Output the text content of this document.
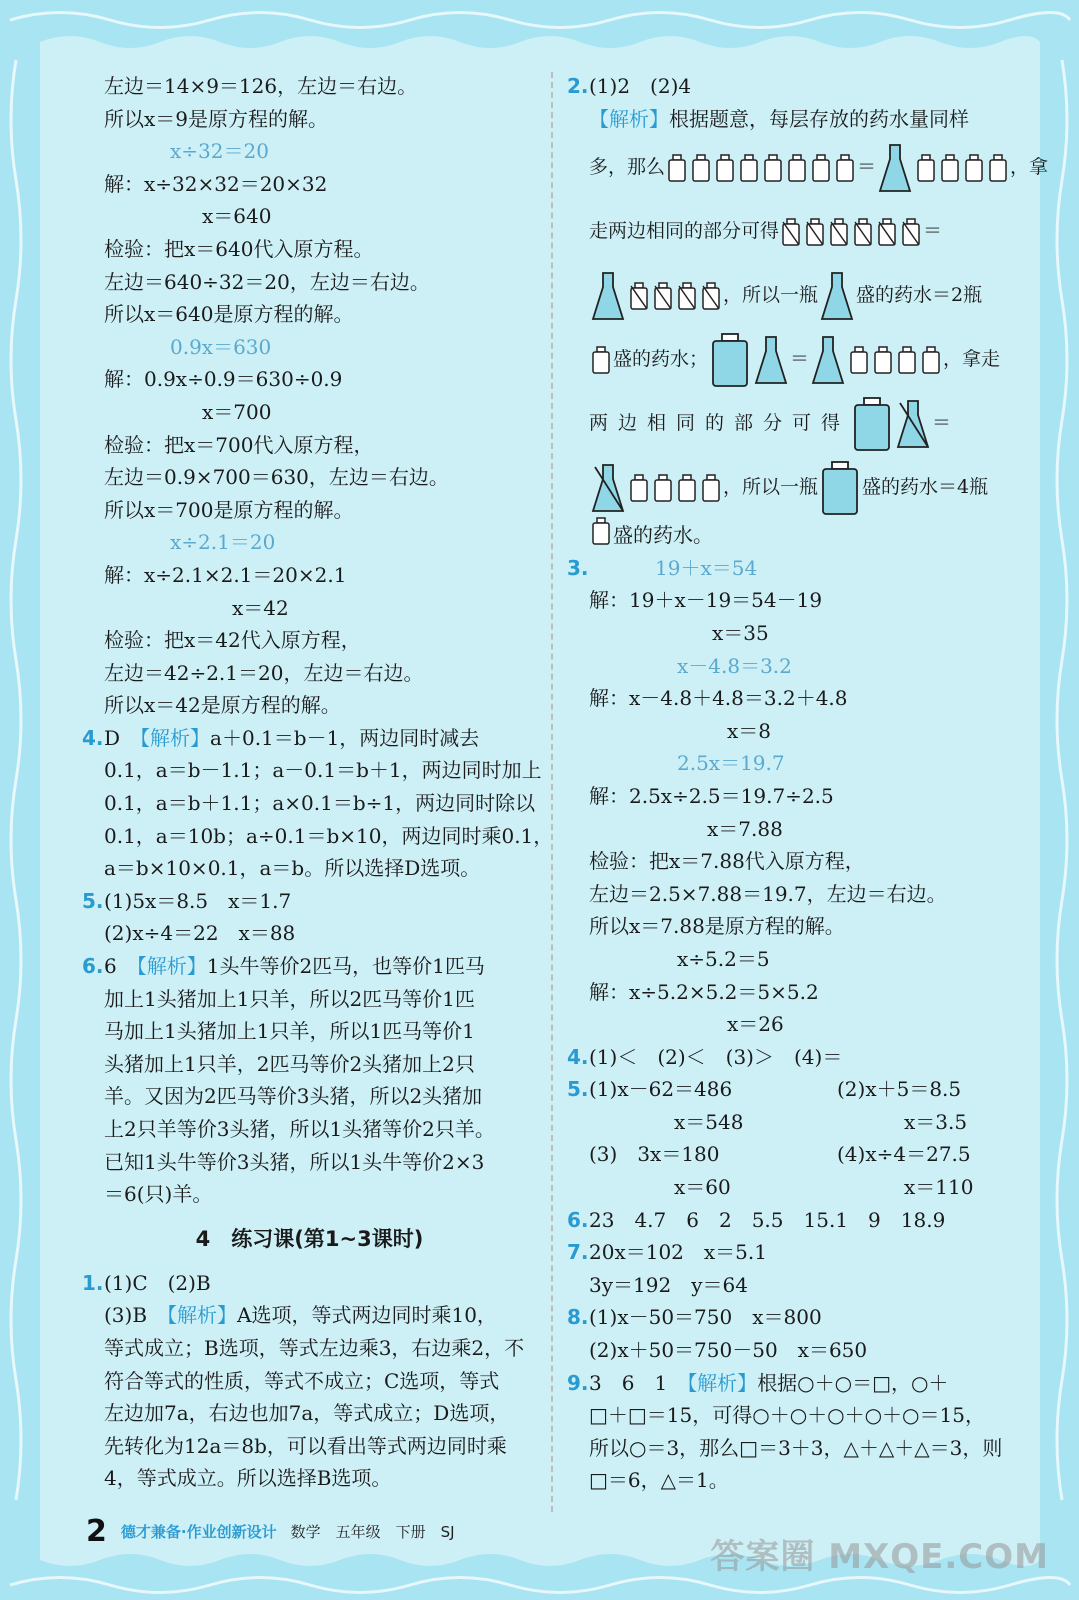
左边＝14×9＝126，左边＝右边。
所以x＝9是原方程的解。
x÷32＝20
解：x÷32×32＝20×32
x＝640
检验：把x＝640代入原方程。
左边＝640÷32＝20，左边＝右边。
所以x＝640是原方程的解。
0.9x＝630
解：0.9x÷0.9＝630÷0.9
x＝700
检验：把x＝700代入原方程，
左边＝0.9×700＝630，左边＝右边。
所以x＝700是原方程的解。
x÷2.1＝20
解：x÷2.1×2.1＝20×2.1
x＝42
检验：把x＝42代入原方程，
左边＝42÷2.1＝20，左边＝右边。
所以x＝42是原方程的解。
4.D　 【解析】a＋0.1＝b－1，两边同时减去
0.1，a＝b－1.1；a－0.1＝b＋1，两边同时加上
0.1，a＝b＋1.1；a×0.1＝b÷1，两边同时除以
0.1，a＝10b；a÷0.1＝b×10，两边同时乘0.1，
a＝b×10×0.1，a＝b。所以选择D选项。
5.(1)5x＝8.5　x＝1.7
(2)x÷4＝22　x＝88
6.6　 【解析】1头牛等价2匹马，也等价1匹马
加上1头猪加上1只羊，所以2匹马等价1匹
马加上1头猪加上1只羊，所以1匹马等价1
头猪加上1只羊，2匹马等价2头猪加上2只
羊。又因为2匹马等价3头猪，所以2头猪加
上2只羊等价3头猪，所以1头猪等价2只羊。
已知1头牛等价3头猪，所以1头牛等价2×3
＝6(只)羊。
4　练习课(第1~3课时)
1.(1)C　(2)B
(3)B　 【解析】A选项，等式两边同时乘10，
等式成立；B选项，等式左边乘3，右边乘2，不
符合等式的性质，等式不成立；C选项，等式
左边加7a，右边也加7a，等式成立；D选项，
先转化为12a＝8b，可以看出等式两边同时乘
4，等式成立。所以选择B选项。
2.(1)2　(2)4
【解析】根据题意，每层存放的药水量同样
多，那么	＝	，拿
走两边相同的部分可得	＝
，所以一瓶 盛的药水＝2瓶
盛的药水；	＝	，拿走
两边相同的部分可得	＝
，所以一瓶 盛的药水＝4瓶
盛的药水。
3.	19＋x＝54
解：19＋x－19＝54－19
x＝35
x－4.8＝3.2
解：x－4.8＋4.8＝3.2＋4.8
x＝8
2.5x＝19.7
解：2.5x÷2.5＝19.7÷2.5
x＝7.88
检验：把x＝7.88代入原方程，
左边＝2.5×7.88＝19.7，左边＝右边。
所以x＝7.88是原方程的解。
x÷5.2＝5
解：x÷5.2×5.2＝5×5.2
x＝26
4.(1)＜　(2)＜　(3)＞　(4)＝
5.(1)x－62＝486	(2)x＋5＝8.5
x＝548	x＝3.5
(3)　3x＝180	(4)x÷4＝27.5
x＝60	x＝110
6.23　4.7　6　2　5.5　15.1　9　18.9
7.20x＝102　x＝5.1
3y＝192　y＝64
8.(1)x－50＝750　x＝800
(2)x＋50＝750－50　x＝650
9.3　6　1　 【解析】根据○＋○＝□，○＋
□＋□＝15，可得○＋○＋○＋○＋○＝15，
所以○＝3，那么□＝3＋3，△＋△＋△＝3，则
□＝6，△＝1。
2 德才兼备·作业创新设计 数学　五年级　下册　SJ
答案圈 MXQE.COM
